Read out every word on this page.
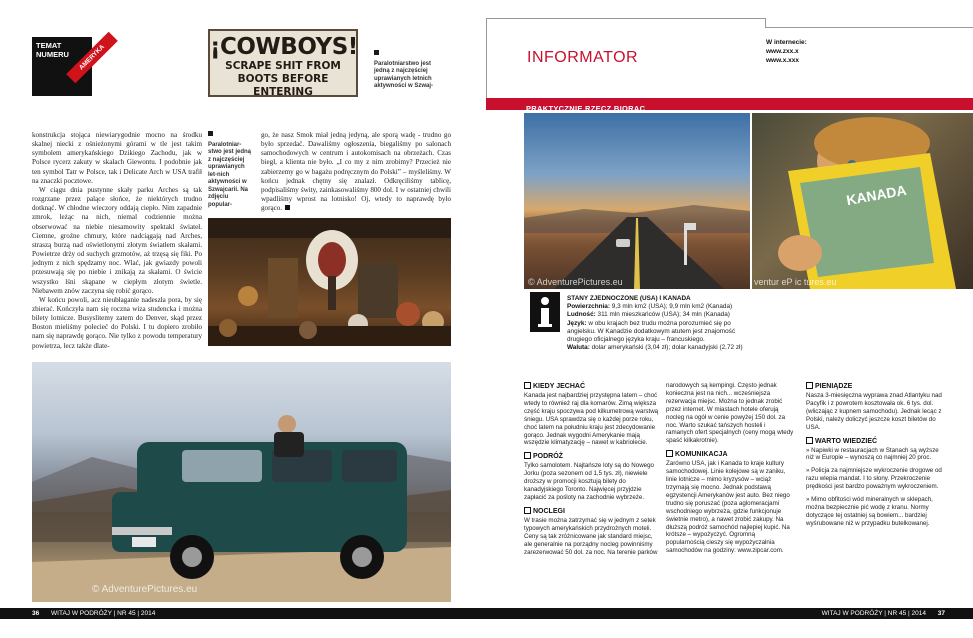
TEMAT
NUMERU	AMERYKA	¡COWBOYS!
SCRAPE SHIT FROM
BOOTS BEFORE ENTERING

Paralotniarstwo jest jedną z najczęściej uprawianych letnich aktywności w Szwaj-

konstrukcja stojąca niewiarygodnie mocno na środku skalnej niecki z ośnieżonymi górami w tle jest takim symbolem amerykańskiego Dzikiego Zachodu, jak w Polsce rycerz zakuty w skałach Giewontu. I podobnie jak ten symbol Tatr w Polsce, tak i Delicate Arch w USA trafił na znaczki pocztowe.

W ciągu dnia pustynne skały parku Arches są tak rozgrzane przez palące słońce, że niektórych trudno dotknąć. W chłodne wieczory oddają ciepło. Nim zapadnie zmrok, leżąc na nich, niemal codziennie można obserwować na niebie niesamowity spektakl świateł. Ciemne, groźne chmury, które nadciągają nad Arches, straszą burzą nad oświetlonymi złotym światłem skałami. Powietrze drży od suchych grzmotów, aż trzęsą się fiki. Po jednym z nich spędzamy noc. Wlać, jak gwiazdy powoli przesuwają się po niebie i znikają za skałami. O świcie wszystko lśni skąpane w ciepłym złotym świetle. Niebawem znów zaczyna się robić gorąco.

W końcu powoli, acz nieubłaganie nadeszła pora, by się zbierać. Kończyła nam się rocznа wiza studencka i można bilety lotnicze. Busyslitemy zatem do Denver, skąd przez Boston mieliśmy polecieć do Polski. I tu dopiero zrobiło nam się naprawdę gorąco. Nie tylko z powodu temperatury powietrza, lecz także dlate-

Paralotniar-stwo jest jedną z najczęściej uprawianych let-nich aktywności w Szwajcarii. Na zdjęciu popular-

go, że nasz Smok miał jedną jedyną, ale sporą wadę - trudno go było sprzedać. Dawaliśmy ogłoszenia, biegaliśmy po salonach samochodowych w centrum i autokomisach na obrzeżach. Czas biegł, a klienta nie było. „I co my z nim zrobimy? Przecież nie zabierzemy go w bagażu podręcznym do Polski” – myśleliśmy. W końcu jednak chętny się znalazł. Odkręciliśmy tablicę, podpisaliśmy świty, zainkasowaliśmy 800 dol. I w ostatniej chwili wpadliśmy wprost na lotnisko! Oj, wtedy to naprawdę było gorąco.

© AdventurePictures.eu
36 WITAJ W PODRÓŻY | NR 45 | 2014
INFORMATOR
W internecie:
www.zxx.x
www.x.xxx
PRAKTYCZNIE RZECZ BIORĄC
© AdventurePictures.eu
KANADA
ventur eP ic tures.eu
STANY ZJEDNOCZONE (USA) I KANADA
Powierzchnia: 9,3 mln km2 (USA); 9,9 mln km2 (Kanada)
Ludność: 311 mln mieszkańców (USA); 34 mln (Kanada)
Język: w obu krajach bez trudu można porozumieć się po angielsku. W Kanadzie dodatkowym atutem jest znajomość drugiego oficjalnego języka kraju – francuskiego.
Waluta: dolar amerykański (3,04 zł); dolar kanadyjski (2,72 zł)
KIEDY JECHAĆ

Kanada jest najbardziej przystępna latem – choć wtedy to również raj dla komarów. Zimą większa część kraju spoczywa pod kilkumetrową warstwą śniegu. USA sprawdza się o każdej porze roku, choć latem na południu kraju jest zdecydowanie gorąco. Jednak wygodni Amerykanie mają wszędzie klimatyzację – nawet w kabriolecie.

PODRÓŻ

Tylko samolotem. Najtańsze loty są do Nowego Jorku (poza sezonem od 1,5 tys. zł), niewiele droższy w promocji kosztują bilety do kanadyjskiego Toronto. Najwięcej przyjdzie zapłacić za pośloty na zachodnie wybrzeże.

NOCLEGI

W trasie można zatrzymać się w jednym z setek typowych amerykańskich przydrożnych moteli. Ceny są tak zróżnicowane jak standard miejsc, ale generalnie na porządny nocleg powinniśmy zarezerwować 50 dol. za noc. Na terenie parków

narodowych są kempingi. Często jednak konieczna jest na nich... wcześniejsza rezerwacja miejsc. Można to jednak zrobić przez internet. W miastach hotele oferują nocleg na ogół w cenie powyżej 150 dol. za noc. Warto szukać tańszych hosteli i ramanych ofert specjalnych (ceny mogą wtedy spaść kilkakrotnie).

KOMUNIKACJA

Zarówno USA, jak i Kanada to kraje kultury samochodowej. Linie kolejowe są w zaniku, linie lotnicze – mimo kryzysów – wciąż trzymają się mocno. Jednak podstawą egzystencji Amerykanów jest auto. Bez niego trudno się poruszać (poza aglomeracjami wschodniego wybrzeża, gdzie funkcjonuje świetnie metro), a nawet zrobić zakupy. Na dłuższą podróż samochód najlepiej kupić. Na krótsze – wypożyczyć. Ogromną popularnością cieszy się wypożyczalnia samochodów na godziny: www.zipcar.com.

PIENIĄDZE

Nasza 3-miesięczna wyprawa znad Atlantyku nad Pacyfik i z powrotem kosztowała ok. 6 tys. dol. (wliczając z kupnem samochodu). Jednak lecąc z Polski, należy doliczyć jeszcze koszt biletów do USA.

WARTO WIEDZIEĆ
» Napiwki w restauracjach w Stanach są wyższe niż w Europie – wynoszą co najmniej 20 proc.
» Policja za najmniejsze wykroczenie drogowe od razu wlepia mandat. I to słony. Przekroczenie prędkości jest bardzo poważnym wykroczeniem.
» Mimo obfitości wód mineralnych w sklepach, można bezpiecznie pić wodę z kranu. Normy dotyczące tej ostatniej są bowiem... bardziej wyśrubowane niż w przypadku butelkowanej.
WITAJ W PODRÓŻY | NR 45 | 2014 37
